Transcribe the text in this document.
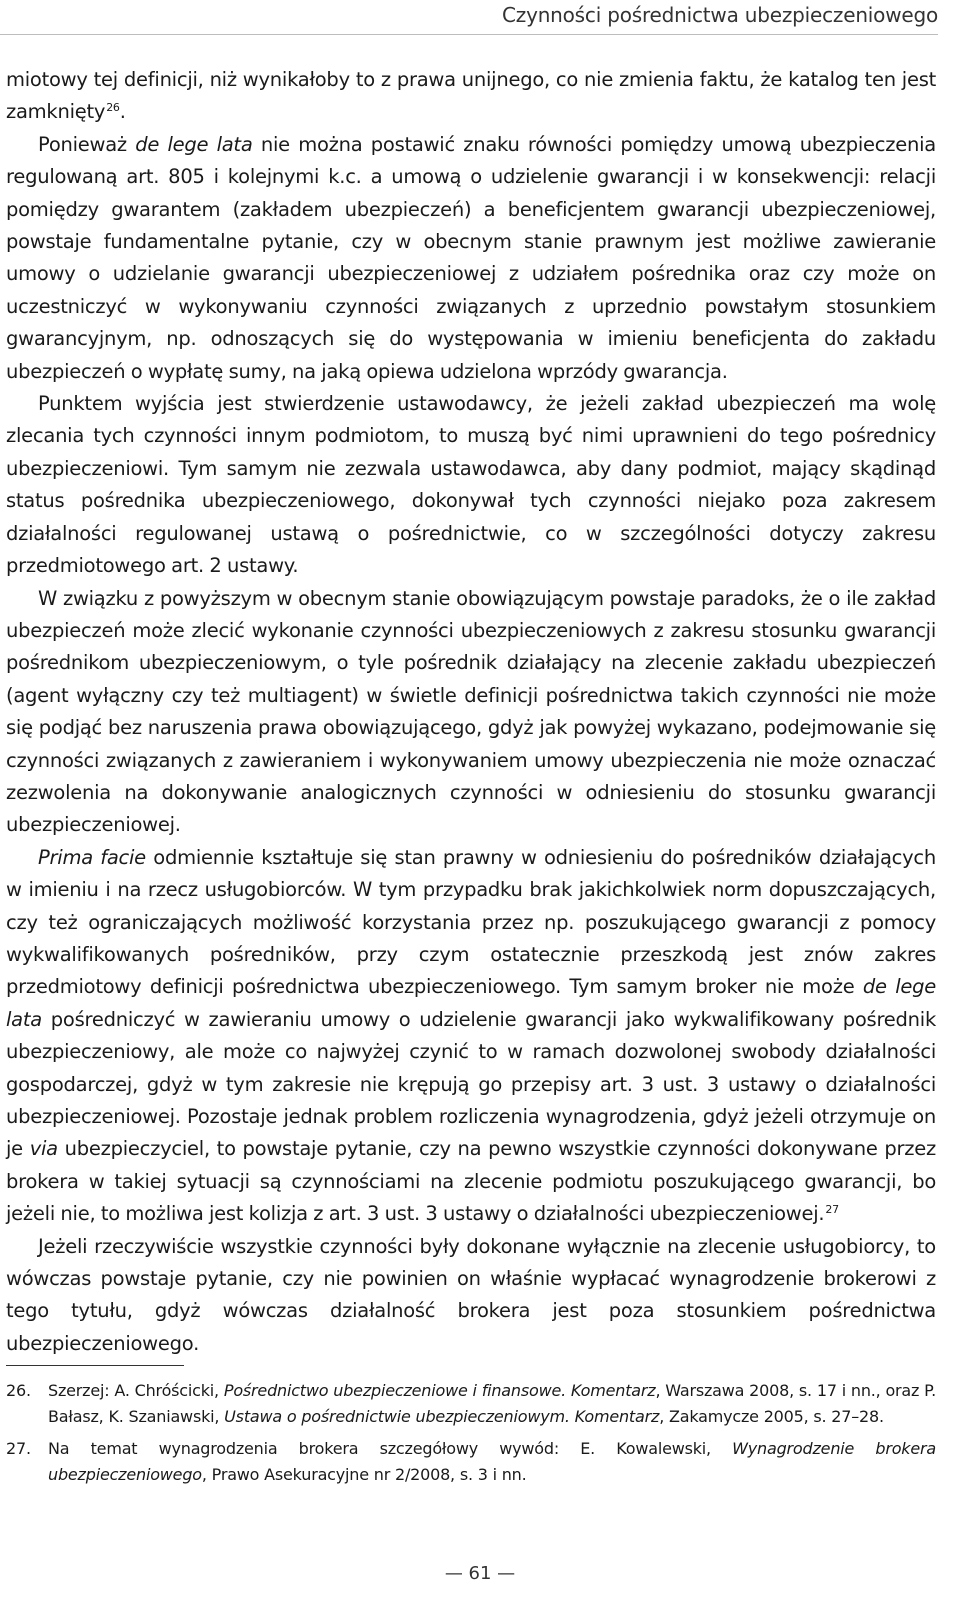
Czynności pośrednictwa ubezpieczeniowego

miotowy tej definicji, niż wynikałoby to z prawa unijnego, co nie zmienia faktu, że katalog ten jest zamknięty$^{26}$.

Ponieważ de lege lata nie można postawić znaku równości pomiędzy umową ubezpieczenia regulowaną art. 805 i kolejnymi k.c. a umową o udzielenie gwarancji i w konsekwencji: relacji pomiędzy gwarantem (zakładem ubezpieczeń) a beneficjentem gwarancji ubezpieczeniowej, powstaje fundamentalne pytanie, czy w obecnym stanie prawnym jest możliwe zawieranie umowy o udzielanie gwarancji ubezpieczeniowej z udziałem pośrednika oraz czy może on uczestniczyć w wykonywaniu czynności związanych z uprzednio powstałym stosunkiem gwarancyjnym, np. odnoszących się do występowania w imieniu beneficjenta do zakładu ubezpieczeń o wypłatę sumy, na jaką opiewa udzielona wprzódy gwarancja.

Punktem wyjścia jest stwierdzenie ustawodawcy, że jeżeli zakład ubezpieczeń ma wolę zlecania tych czynności innym podmiotom, to muszą być nimi uprawnieni do tego pośrednicy ubezpieczeniowi. Tym samym nie zezwala ustawodawca, aby dany podmiot, mający skądinąd status pośrednika ubezpieczeniowego, dokonywał tych czynności niejako poza zakresem działalności regulowanej ustawą o pośrednictwie, co w szczególności dotyczy zakresu przedmiotowego art. 2 ustawy.

W związku z powyższym w obecnym stanie obowiązującym powstaje paradoks, że o ile zakład ubezpieczeń może zlecić wykonanie czynności ubezpieczeniowych z zakresu stosunku gwarancji pośrednikom ubezpieczeniowym, o tyle pośrednik działający na zlecenie zakładu ubezpieczeń (agent wyłączny czy też multiagent) w świetle definicji pośrednictwa takich czynności nie może się podjąć bez naruszenia prawa obowiązującego, gdyż jak powyżej wykazano, podejmowanie się czynności związanych z zawieraniem i wykonywaniem umowy ubezpieczenia nie może oznaczać zezwolenia na dokonywanie analogicznych czynności w odniesieniu do stosunku gwarancji ubezpieczeniowej.

Prima facie odmiennie kształtuje się stan prawny w odniesieniu do pośredników działających w imieniu i na rzecz usługobiorców. W tym przypadku brak jakichkolwiek norm dopuszczających, czy też ograniczających możliwość korzystania przez np. poszukującego gwarancji z pomocy wykwalifikowanych pośredników, przy czym ostatecznie przeszkodą jest znów zakres przedmiotowy definicji pośrednictwa ubezpieczeniowego. Tym samym broker nie może de lege lata pośredniczyć w zawieraniu umowy o udzielenie gwarancji jako wykwalifikowany pośrednik ubezpieczeniowy, ale może co najwyżej czynić to w ramach dozwolonej swobody działalności gospodarczej, gdyż w tym zakresie nie krępują go przepisy art. 3 ust. 3 ustawy o działalności ubezpieczeniowej. Pozostaje jednak problem rozliczenia wynagrodzenia, gdyż jeżeli otrzymuje on je via ubezpieczyciel, to powstaje pytanie, czy na pewno wszystkie czynności dokonywane przez brokera w takiej sytuacji są czynnościami na zlecenie podmiotu poszukującego gwarancji, bo jeżeli nie, to możliwa jest kolizja z art. 3 ust. 3 ustawy o działalności ubezpieczeniowej.$^{27}$

Jeżeli rzeczywiście wszystkie czynności były dokonane wyłącznie na zlecenie usługobiorcy, to wówczas powstaje pytanie, czy nie powinien on właśnie wypłacać wynagrodzenie brokerowi z tego tytułu, gdyż wówczas działalność brokera jest poza stosunkiem pośrednictwa ubezpieczeniowego.

26.	Szerzej: A. Chróścicki, Pośrednictwo ubezpieczeniowe i finansowe. Komentarz, Warszawa 2008, s. 17 i nn., oraz P. Bałasz, K. Szaniawski, Ustawa o pośrednictwie ubezpieczeniowym. Komentarz, Zakamycze 2005, s. 27–28.
27.	Na temat wynagrodzenia brokera szczegółowy wywód: E. Kowalewski, Wynagrodzenie brokera ubezpieczeniowego, Prawo Asekuracyjne nr 2/2008, s. 3 i nn.
— 61 —
